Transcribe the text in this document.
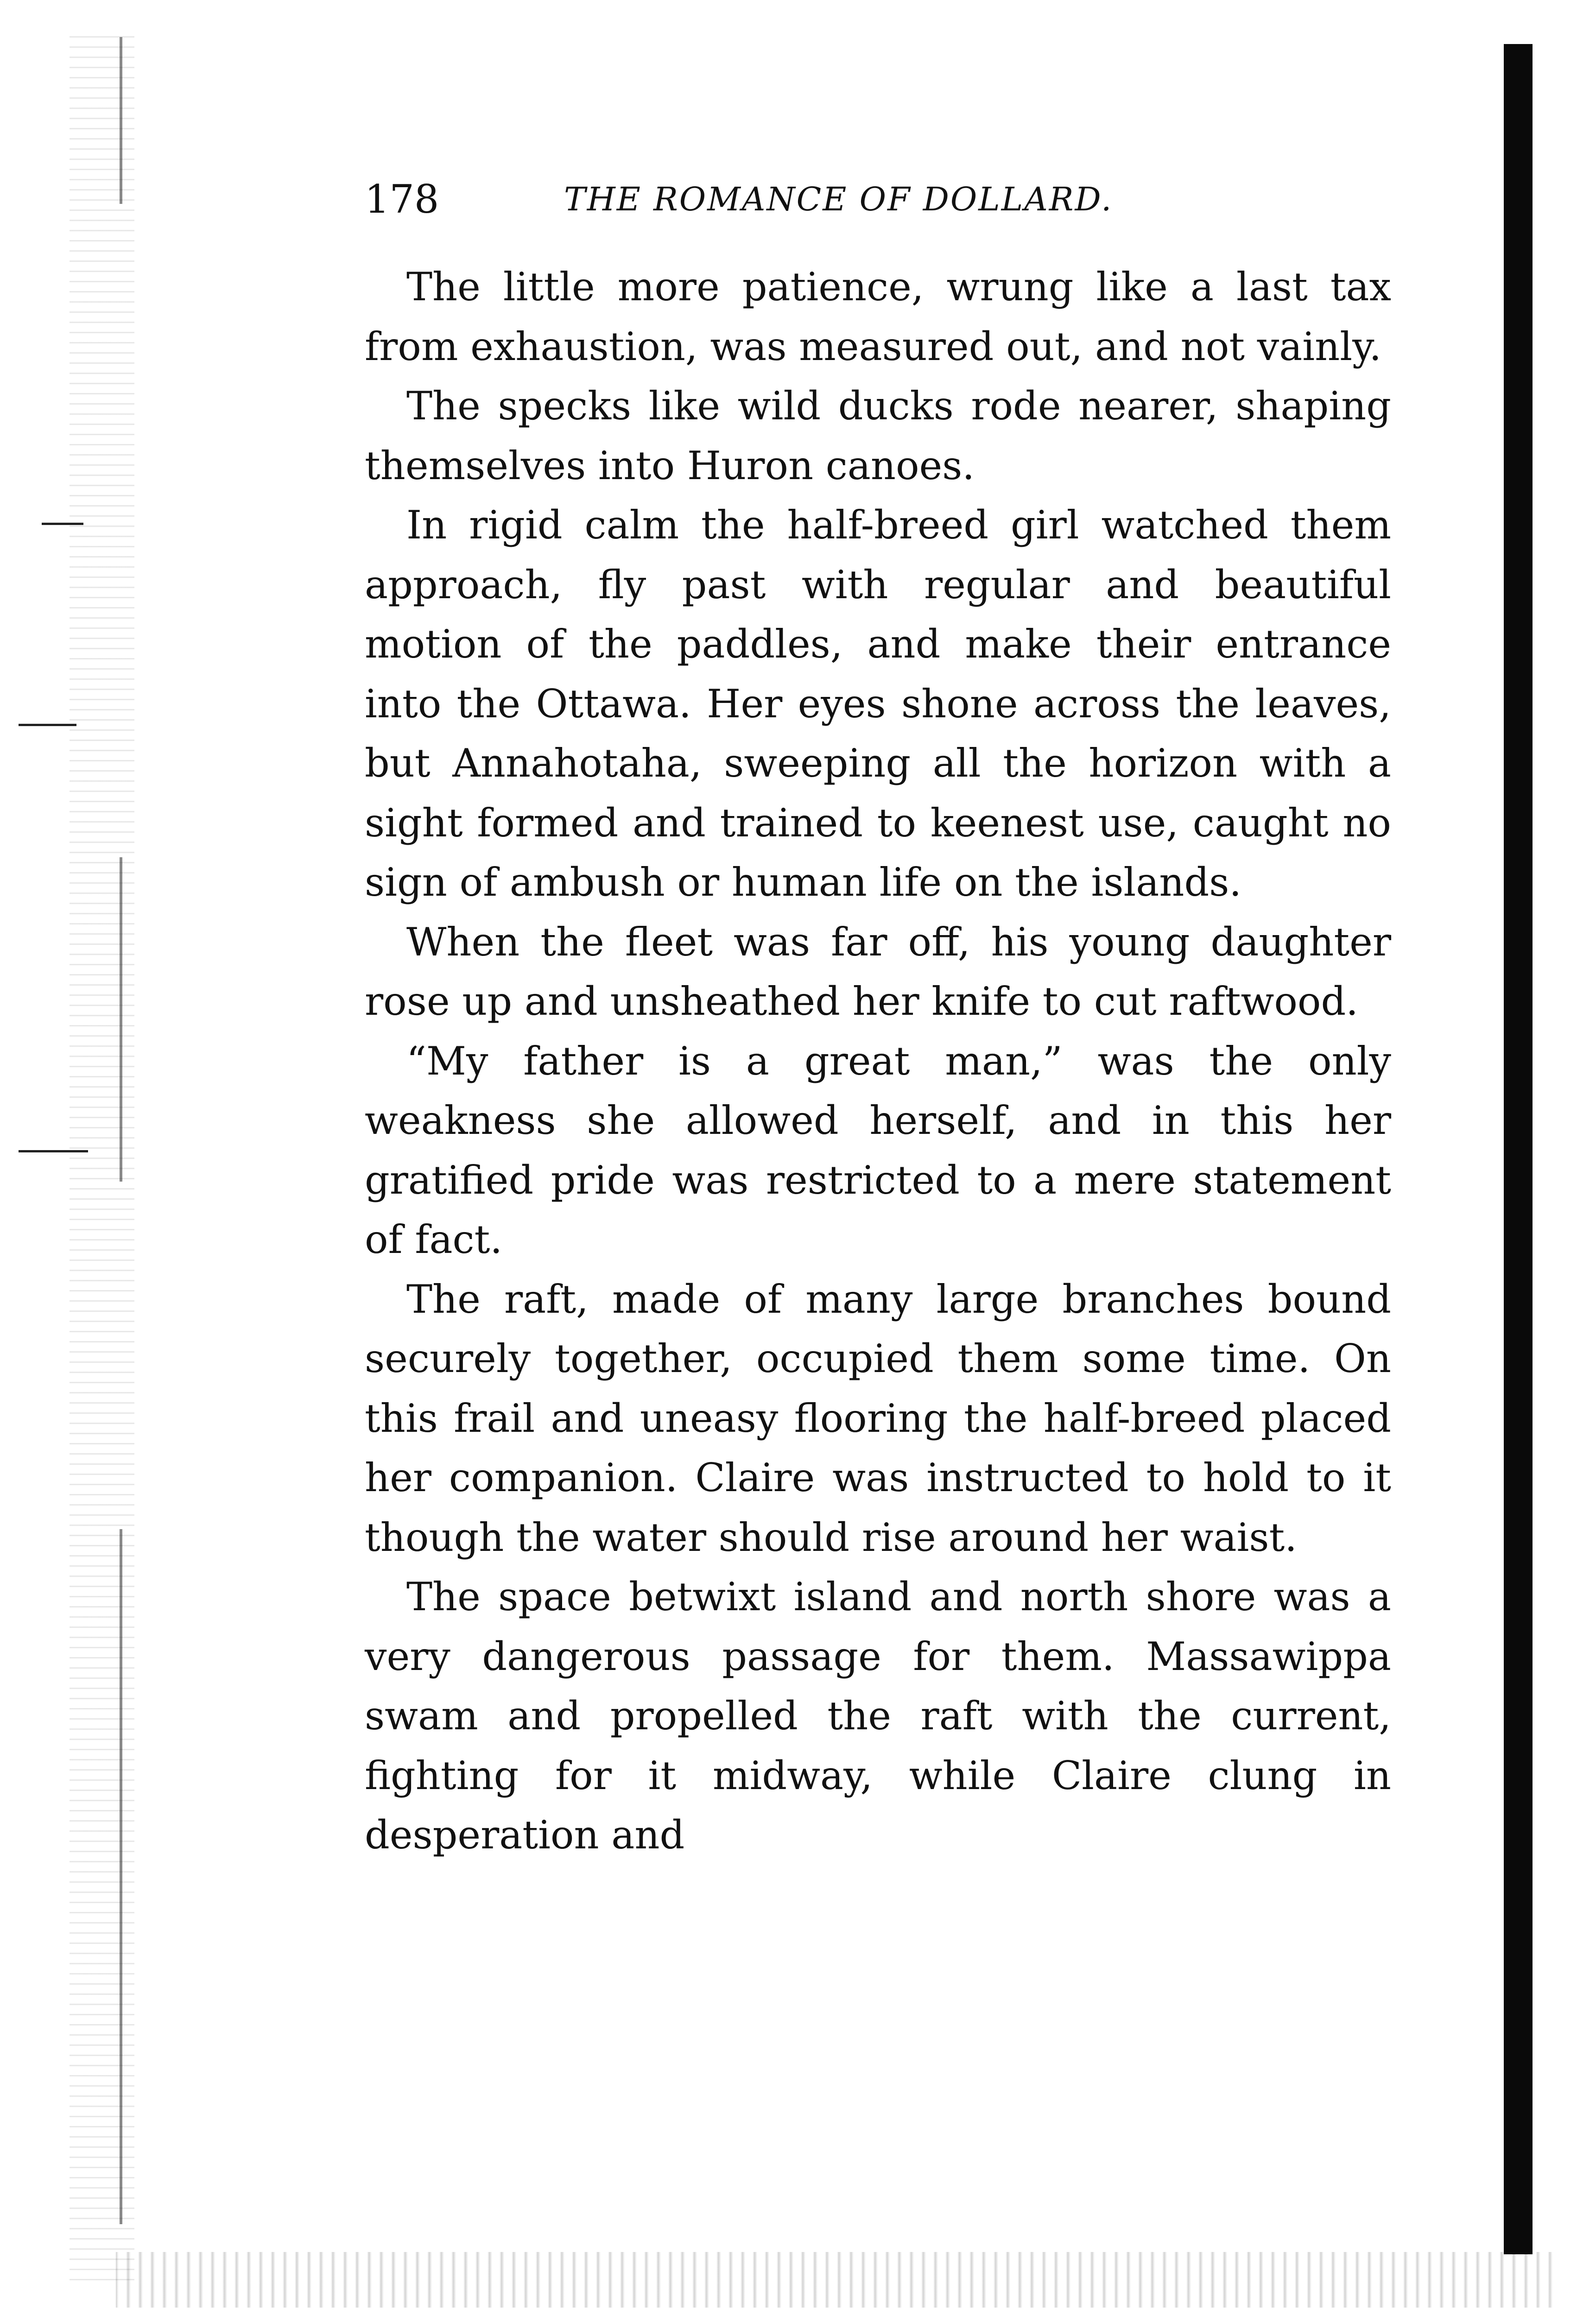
178	THE ROMANCE OF DOLLARD.

The little more patience, wrung like a last tax from exhaustion, was measured out, and not vainly.

The specks like wild ducks rode nearer, shaping themselves into Huron canoes.

In rigid calm the half-breed girl watched them approach, fly past with regular and beautiful motion of the paddles, and make their entrance into the Ottawa. Her eyes shone across the leaves, but Annahotaha, sweeping all the horizon with a sight formed and trained to keenest use, caught no sign of ambush or human life on the islands.

When the fleet was far off, his young daughter rose up and unsheathed her knife to cut raftwood.

“My father is a great man,” was the only weakness she allowed herself, and in this her gratified pride was restricted to a mere statement of fact.

The raft, made of many large branches bound securely together, occupied them some time. On this frail and uneasy flooring the half-breed placed her companion. Claire was instructed to hold to it though the water should rise around her waist.

The space betwixt island and north shore was a very dangerous passage for them. Massawippa swam and propelled the raft with the current, fighting for it midway, while Claire clung in desperation and
